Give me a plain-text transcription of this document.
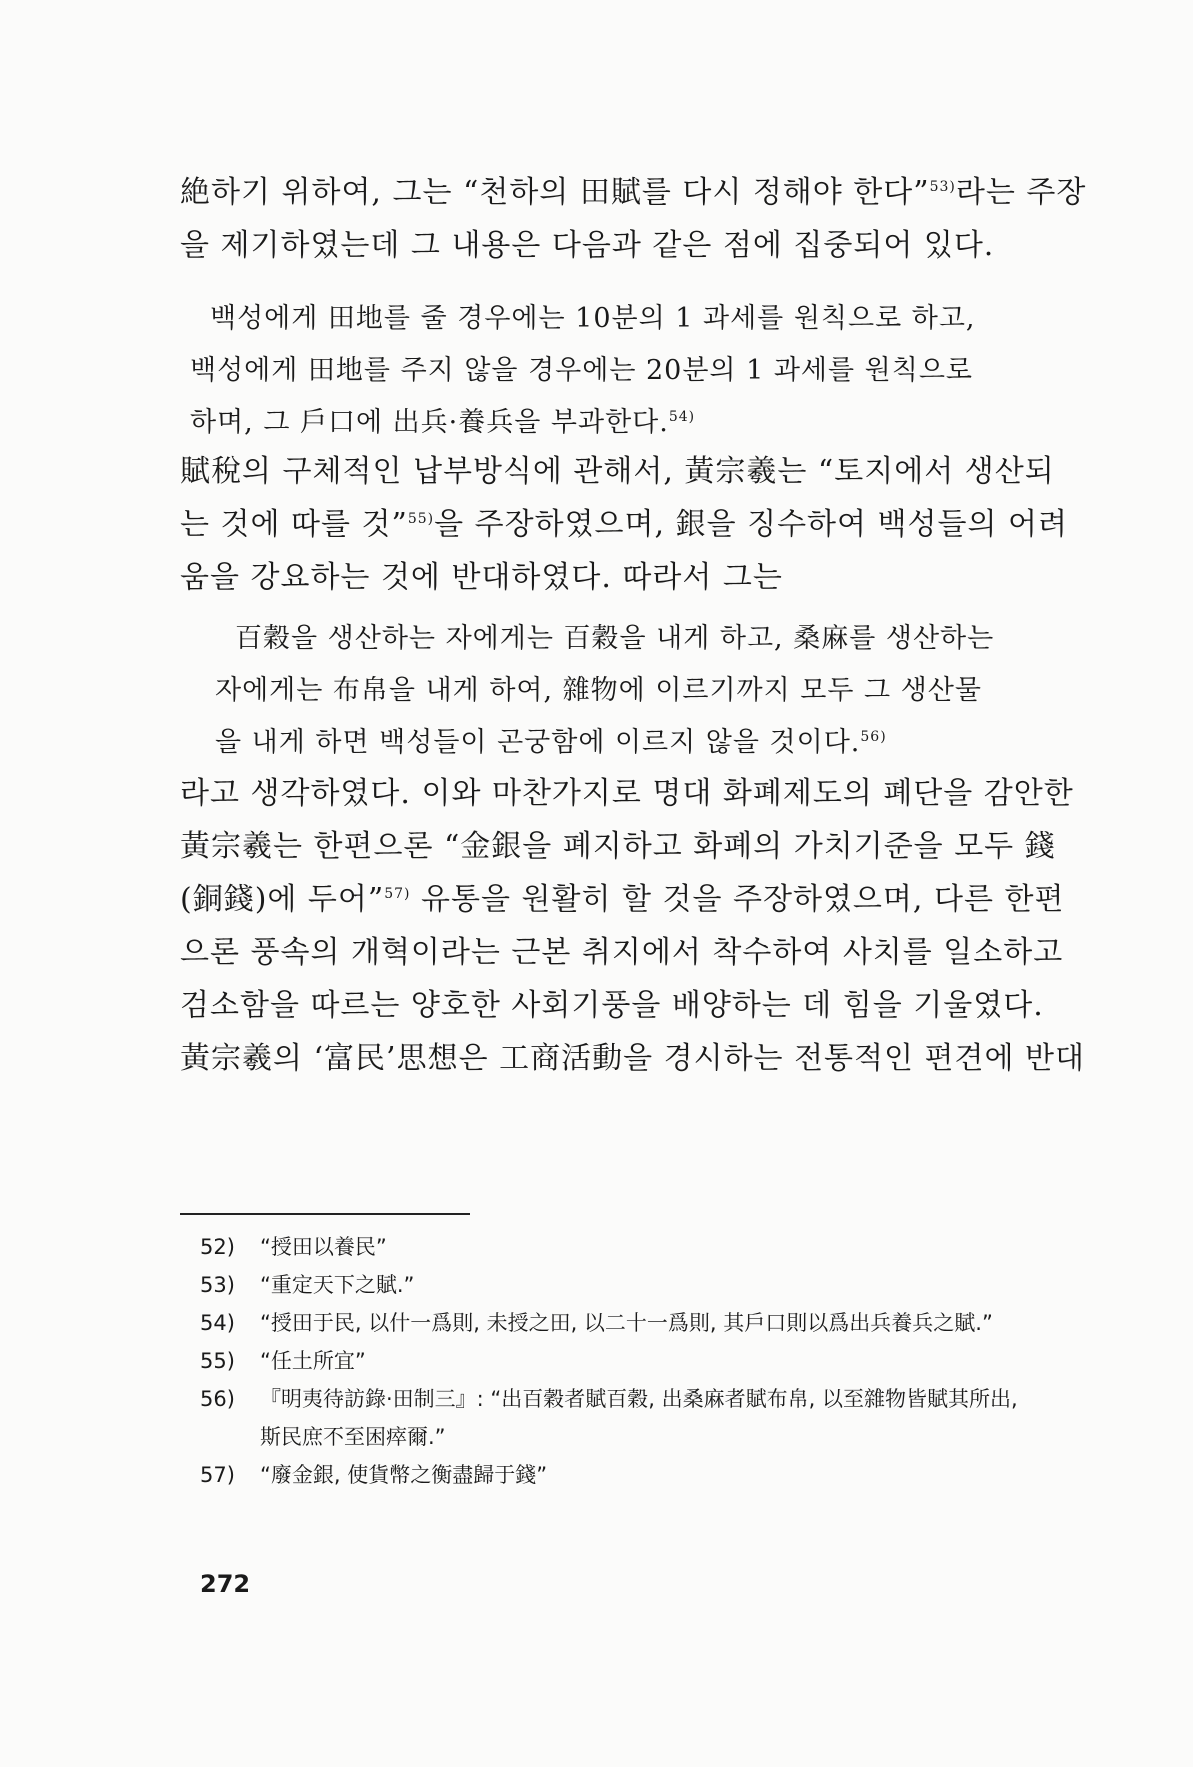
絶하기 위하여, 그는 “천하의 田賦를 다시 정해야 한다”$^{53)}$라는 주장
을 제기하였는데 그 내용은 다음과 같은 점에 집중되어 있다.

백성에게 田地를 줄 경우에는 10분의 1 과세를 원칙으로 하고,
백성에게 田地를 주지 않을 경우에는 20분의 1 과세를 원칙으로
하며, 그 戶口에 出兵·養兵을 부과한다.$^{54)}$

賦稅의 구체적인 납부방식에 관해서, 黃宗羲는 “토지에서 생산되
는 것에 따를 것”$^{55)}$을 주장하였으며, 銀을 징수하여 백성들의 어려
움을 강요하는 것에 반대하였다. 따라서 그는

百穀을 생산하는 자에게는 百穀을 내게 하고, 桑麻를 생산하는
자에게는 布帛을 내게 하여, 雜物에 이르기까지 모두 그 생산물
을 내게 하면 백성들이 곤궁함에 이르지 않을 것이다.$^{56)}$

라고 생각하였다. 이와 마찬가지로 명대 화폐제도의 폐단을 감안한
黃宗羲는 한편으론 “金銀을 폐지하고 화폐의 가치기준을 모두 錢
(銅錢)에 두어”$^{57)}$ 유통을 원활히 할 것을 주장하였으며, 다른 한편
으론 풍속의 개혁이라는 근본 취지에서 착수하여 사치를 일소하고
검소함을 따르는 양호한 사회기풍을 배양하는 데 힘을 기울였다.
黃宗羲의 ‘富民’思想은 工商活動을 경시하는 전통적인 편견에 반대

52)	“授田以養民”
53)	“重定天下之賦.”
54)	“授田于民, 以什一爲則, 未授之田, 以二十一爲則, 其戶口則以爲出兵養兵之賦.”
55)	“任土所宜”
56)	『明夷待訪錄·田制三』: “出百穀者賦百穀, 出桑麻者賦布帛, 以至雜物皆賦其所出, 斯民庶不至困瘁爾.”
57)	“廢金銀, 使貨幣之衡盡歸于錢”
272
